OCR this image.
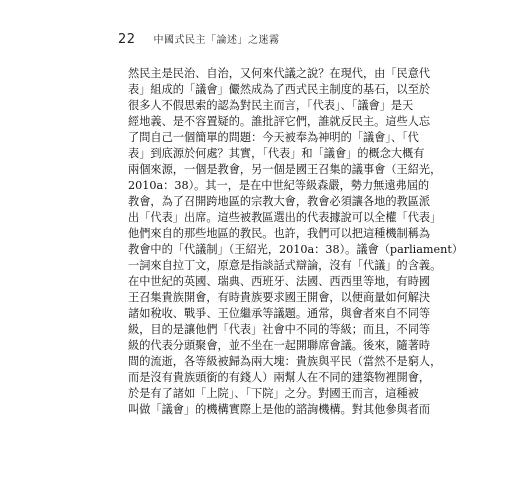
22 中國式民主「論述」之迷霧
然民主是民治、自治，又何來代議之說？在現代，由「民意代
表」組成的「議會」儼然成為了西式民主制度的基石，以至於
很多人不假思索的認為對民主而言，「代表」、「議會」是天
經地義、是不容置疑的。誰批評它們，誰就反民主。這些人忘
了問自己一個簡單的問題：今天被奉為神明的「議會」、「代
表」到底源於何處？其實，「代表」和「議會」的概念大概有
兩個來源，一個是教會，另一個是國王召集的議事會（王紹光，
2010a：38）。其一，是在中世紀等級森嚴，勢力無遠弗屆的
教會，為了召開跨地區的宗教大會，教會必須讓各地的教區派
出「代表」出席。這些被教區選出的代表據說可以全權「代表」
他們來自的那些地區的教民。也許，我們可以把這種機制稱為
教會中的「代議制」（王紹光，2010a：38）。議會（parliament）
一詞來自拉丁文，原意是指談話式辯論，沒有「代議」的含義。
在中世紀的英國、瑞典、西班牙、法國、西西里等地，有時國
王召集貴族開會，有時貴族要求國王開會，以便商量如何解決
諸如稅收、戰爭、王位繼承等議題。通常，與會者來自不同等
級，目的是讓他們「代表」社會中不同的等級；而且，不同等
級的代表分頭聚會，並不坐在一起開聯席會議。後來，隨著時
間的流逝，各等級被歸為兩大塊：貴族與平民（當然不是窮人，
而是沒有貴族頭銜的有錢人）兩幫人在不同的建築物裡開會，
於是有了諸如「上院」、「下院」之分。對國王而言，這種被
叫做「議會」的機構實際上是他的諮詢機構。對其他參與者而
